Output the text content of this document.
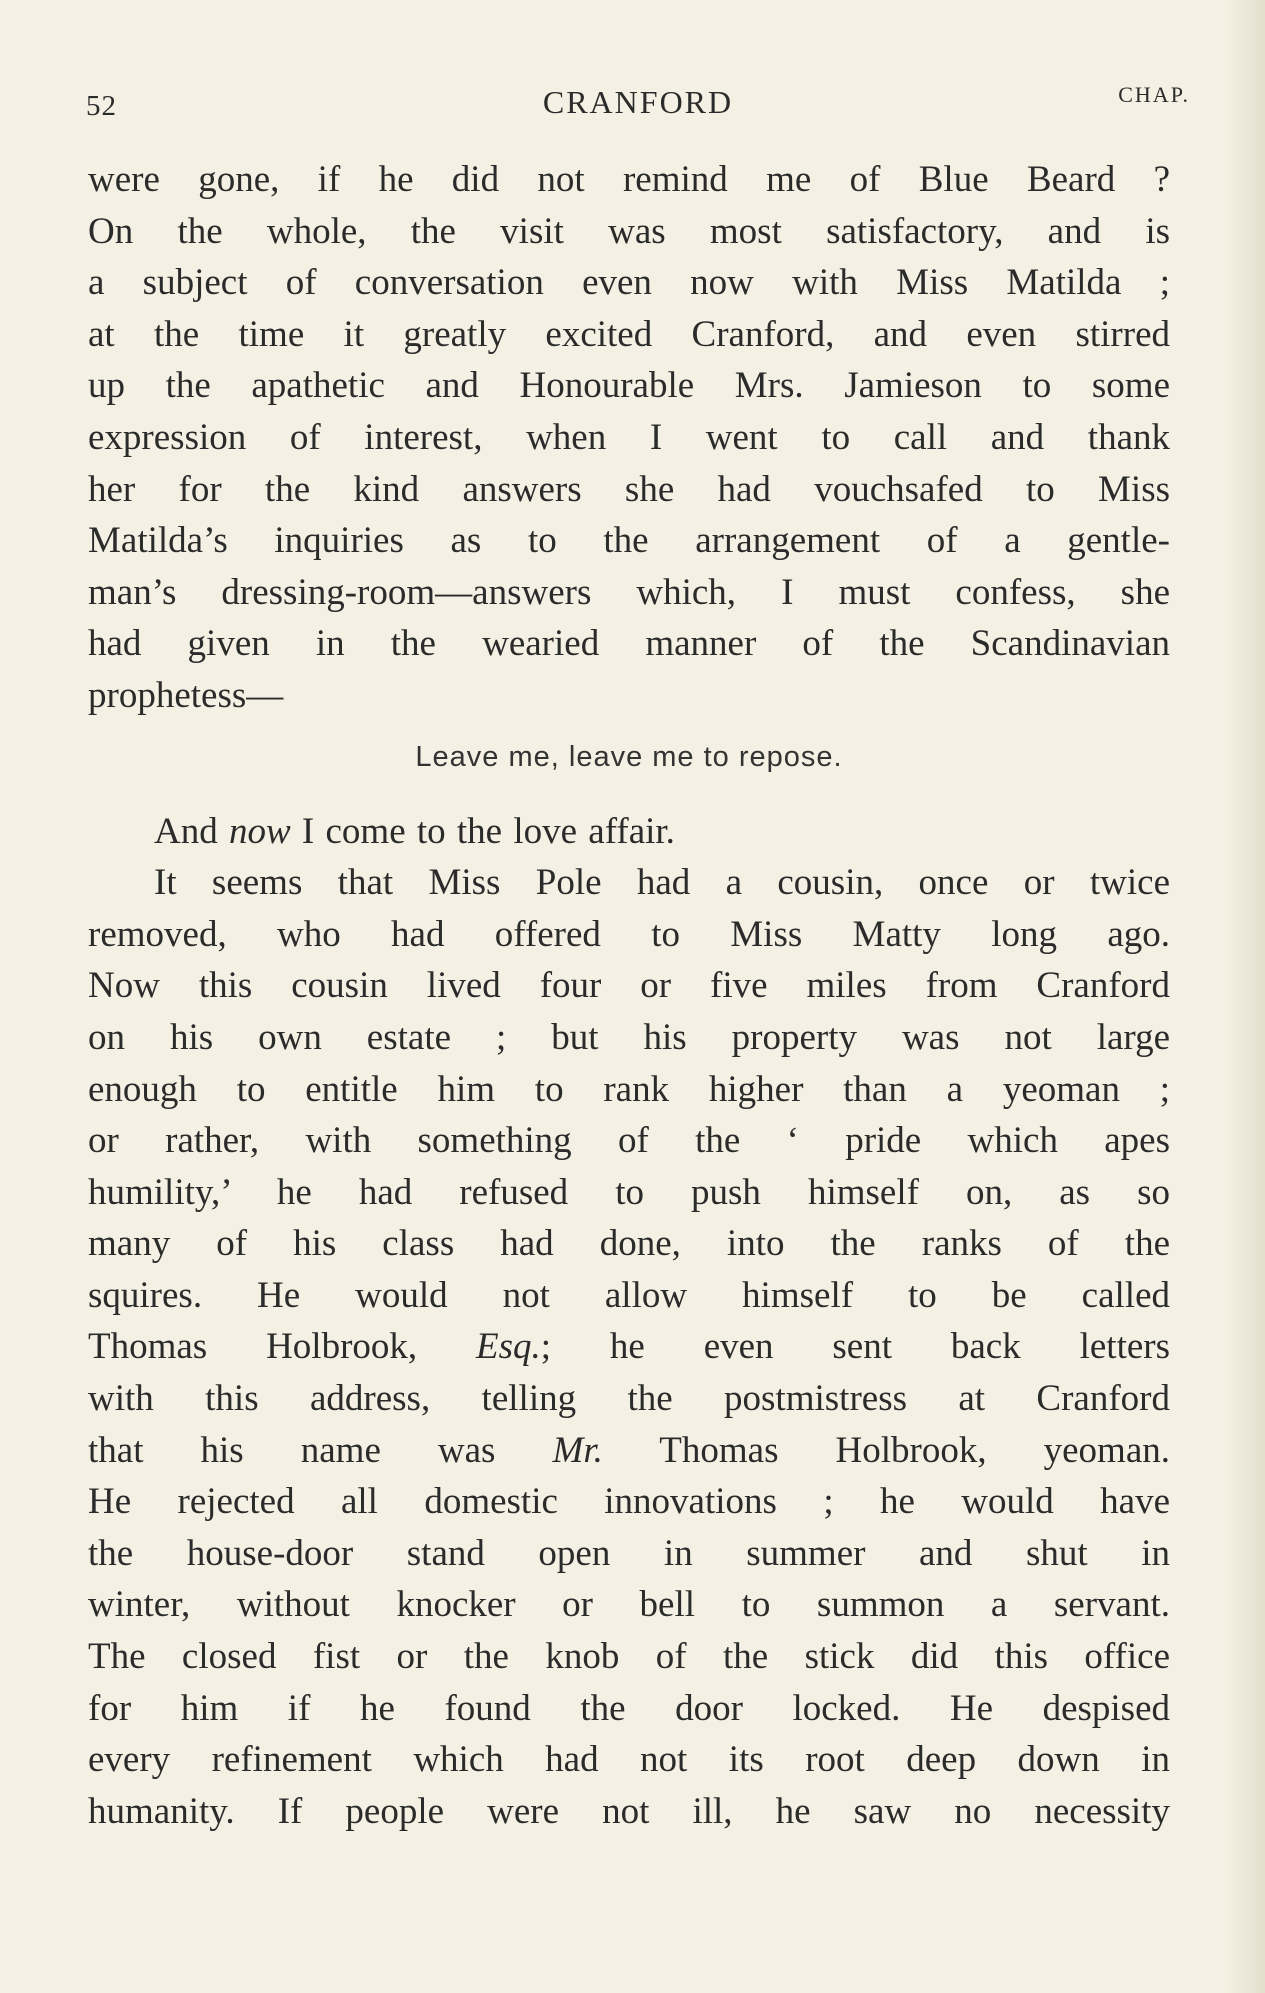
52	CRANFORD	CHAP.
were gone, if he did not remind me of Blue Beard ?
On the whole, the visit was most satisfactory, and is
a subject of conversation even now with Miss Matilda ;
at the time it greatly excited Cranford, and even stirred
up the apathetic and Honourable Mrs. Jamieson to some
expression of interest, when I went to call and thank
her for the kind answers she had vouchsafed to Miss
Matilda’s inquiries as to the arrangement of a gentle-
man’s dressing-room—answers which, I must confess, she
had given in the wearied manner of the Scandinavian
prophetess—
Leave me, leave me to repose.
And now I come to the love affair.
It seems that Miss Pole had a cousin, once or twice
removed, who had offered to Miss Matty long ago.
Now this cousin lived four or five miles from Cranford
on his own estate ; but his property was not large
enough to entitle him to rank higher than a yeoman ;
or rather, with something of the ‘ pride which apes
humility,’ he had refused to push himself on, as so
many of his class had done, into the ranks of the
squires. He would not allow himself to be called
Thomas Holbrook, Esq.; he even sent back letters
with this address, telling the postmistress at Cranford
that his name was Mr. Thomas Holbrook, yeoman.
He rejected all domestic innovations ; he would have
the house-door stand open in summer and shut in
winter, without knocker or bell to summon a servant.
The closed fist or the knob of the stick did this office
for him if he found the door locked. He despised
every refinement which had not its root deep down in
humanity. If people were not ill, he saw no necessity
